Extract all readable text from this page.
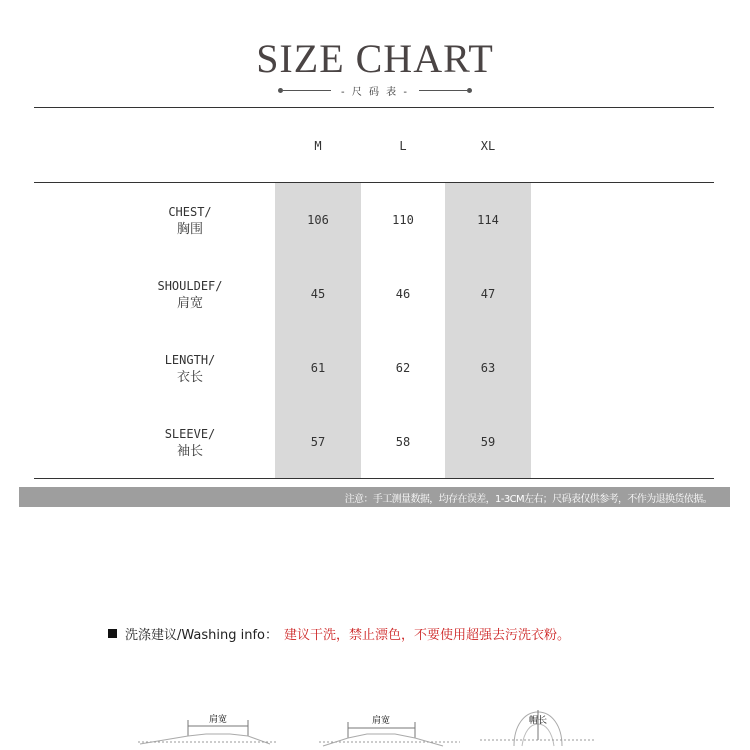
SIZE CHART
- 尺 码 表 -
M	L	XL
CHEST/
胸围
106	110	114
SHOULDEF/
肩宽
45	46	47
LENGTH/
衣长
61	62	63
SLEEVE/
袖长
57	58	59
注意：手工测量数据，均存在误差，1-3CM左右；尺码表仅供参考，不作为退换货依据。
洗涤建议/Washing info： 建议干洗，禁止漂色，不要使用超强去污洗衣粉。
肩宽	肩宽	帽长
